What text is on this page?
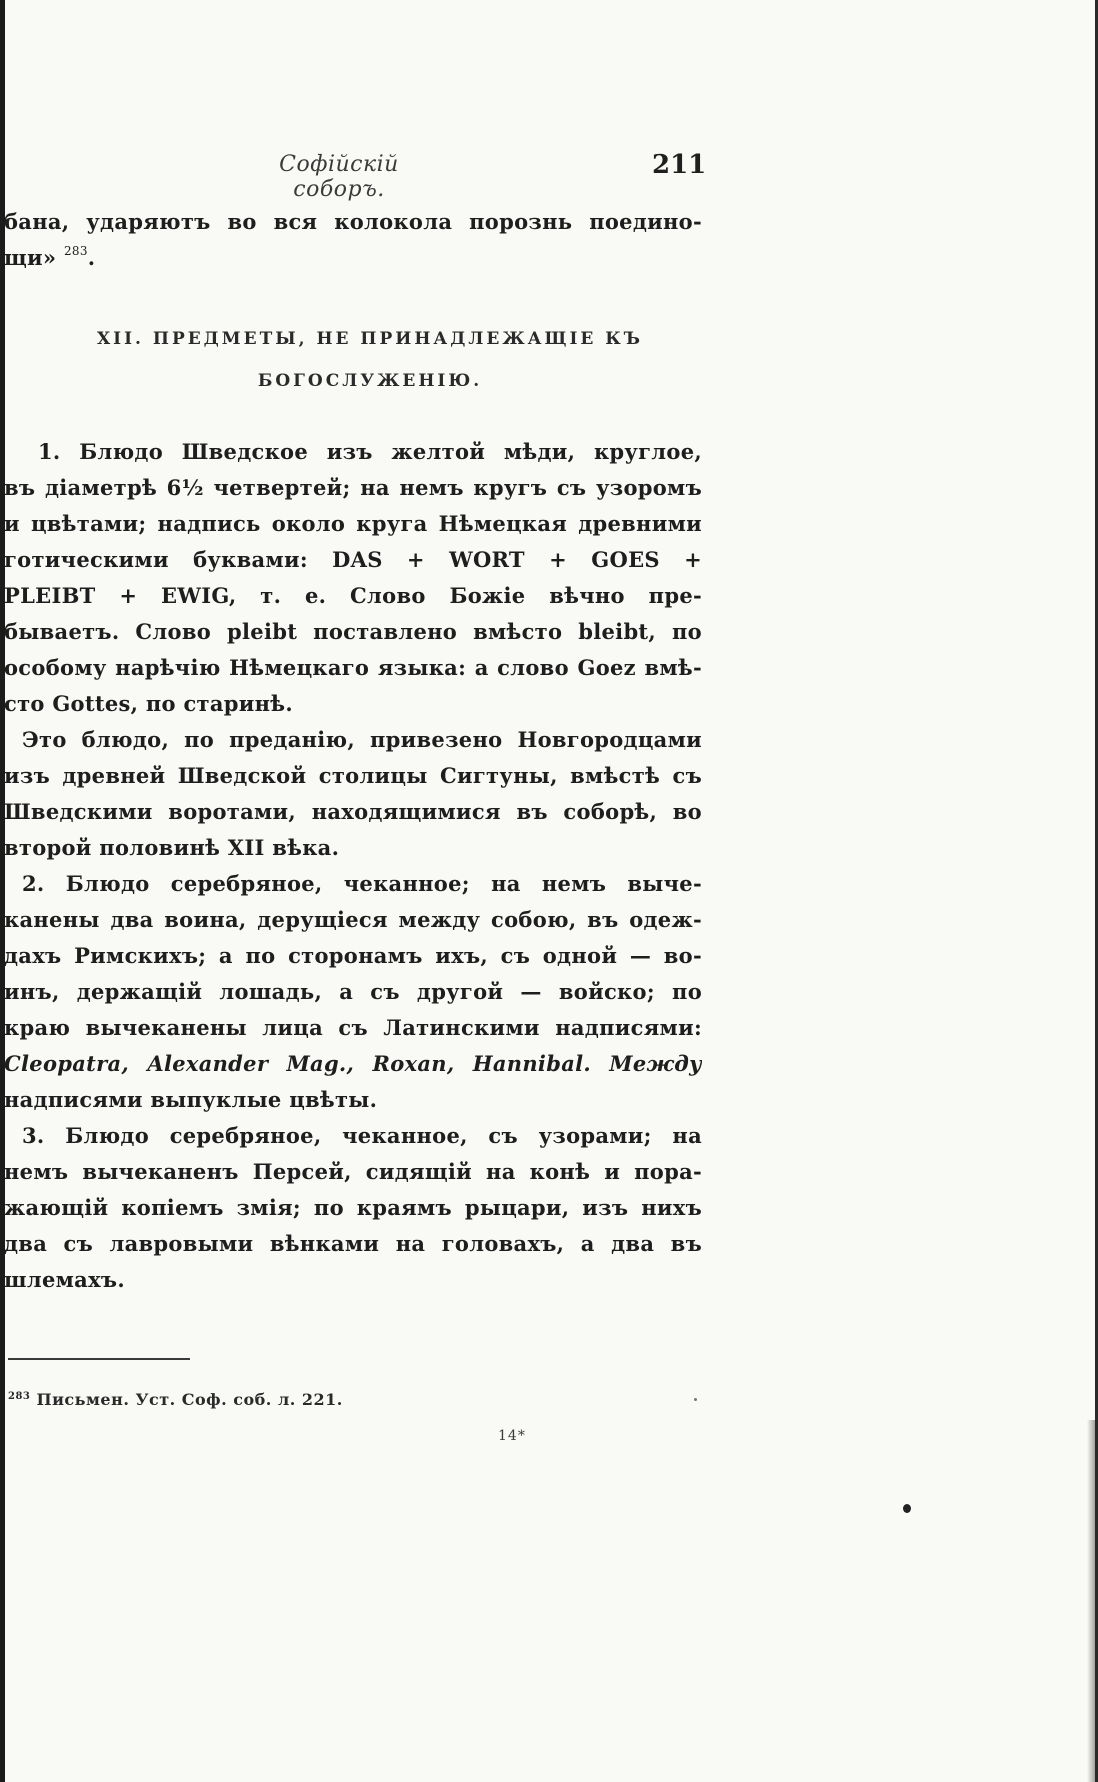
Софійскій соборъ.
211
бана, ударяютъ во вся колокола порознь поедино-
щи» $^{283}$.
XII. ПРЕДМЕТЫ, НЕ ПРИНАДЛЕЖАЩІЕ КЪ
БОГОСЛУЖЕНІЮ.
1. Блюдо Шведское изъ желтой мѣди, круглое,
въ діаметрѣ 6½ четвертей; на немъ кругъ съ узоромъ
и цвѣтами; надпись около круга Нѣмецкая древними
готическими буквами: DAS + WORT + GOES +
PLEIBT + EWIG, т. е. Слово Божіе вѣчно пре-
бываетъ. Слово pleibt поставлено вмѣсто bleibt, по
особому нарѣчію Нѣмецкаго языка: а слово Goez вмѣ-
сто Gottes, по старинѣ.
Это блюдо, по преданію, привезено Новгородцами
изъ древней Шведской столицы Сигтуны, вмѣстѣ съ
Шведскими воротами, находящимися въ соборѣ, во
второй половинѣ XII вѣка.
2. Блюдо серебряное, чеканное; на немъ выче-
канены два воина, дерущіеся между собою, въ одеж-
дахъ Римскихъ; а по сторонамъ ихъ, съ одной — во-
инъ, держащій лошадь, а съ другой — войско; по
краю вычеканены лица съ Латинскими надписями:
Cleopatra, Alexander Mag., Roxan, Hannibal. Между
надписями выпуклые цвѣты.
3. Блюдо серебряное, чеканное, съ узорами; на
немъ вычеканенъ Персей, сидящій на конѣ и пора-
жающій копіемъ змія; по краямъ рыцари, изъ нихъ
два съ лавровыми вѣнками на головахъ, а два въ
шлемахъ.
$^{283}$ Письмен. Уст. Соф. соб. л. 221.
14*
